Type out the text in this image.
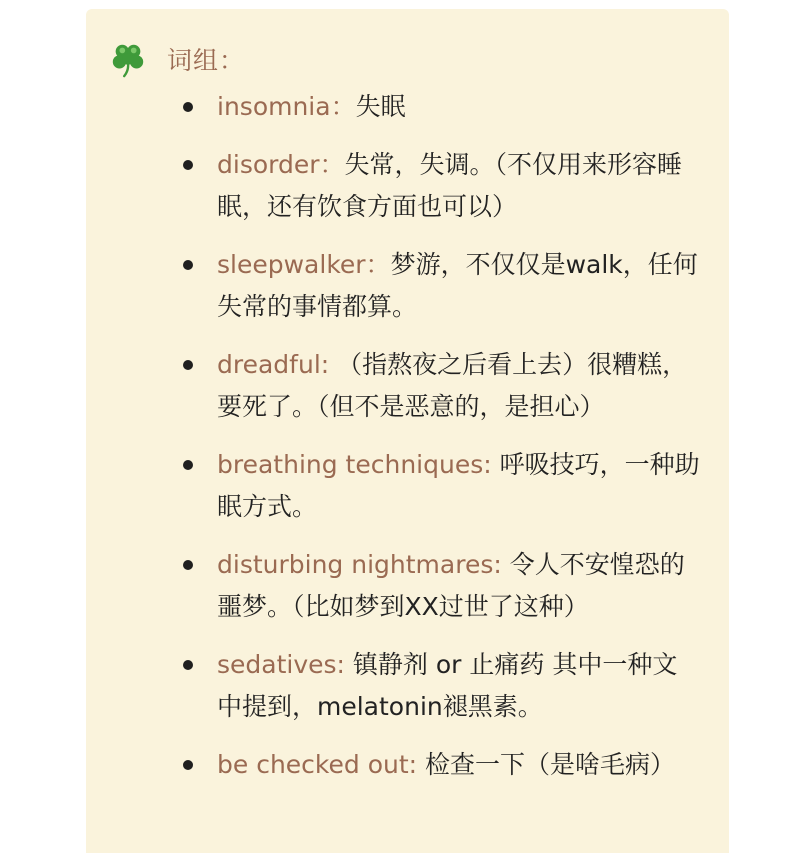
词组：
insomnia：失眠
disorder：失常，失调。（不仅用来形容睡眠，还有饮食方面也可以）
sleepwalker：梦游，不仅仅是walk，任何失常的事情都算。
dreadful: （指熬夜之后看上去）很糟糕，要死了。（但不是恶意的，是担心）
breathing techniques: 呼吸技巧，一种助眠方式。
disturbing nightmares: 令人不安惶恐的噩梦。（比如梦到XX过世了这种）
sedatives: 镇静剂 or 止痛药 其中一种文中提到，melatonin褪黑素。
be checked out: 检查一下（是啥毛病）
